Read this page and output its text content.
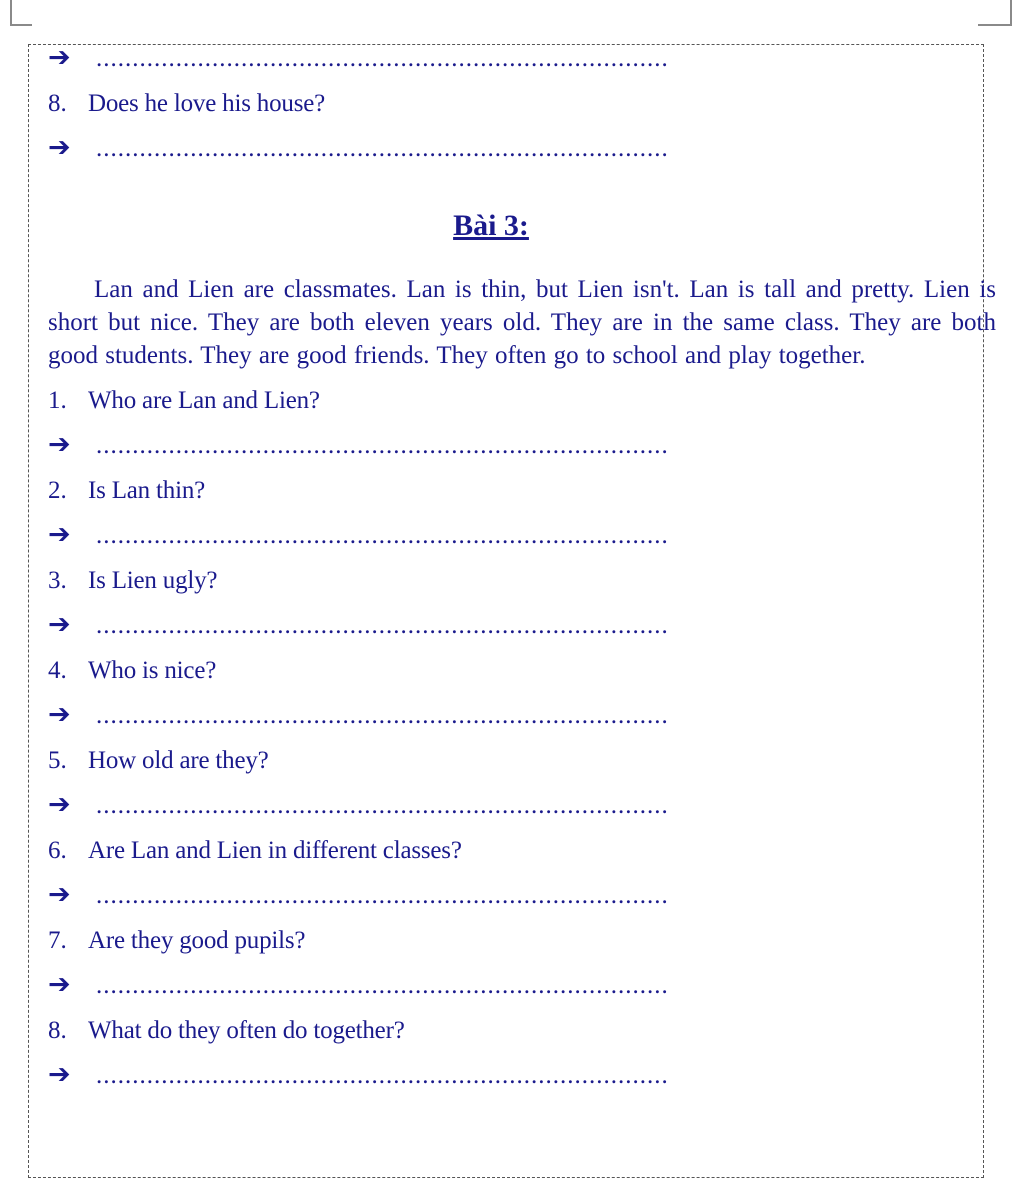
➔	...............................................................................
8. Does he love his house?
➔	...............................................................................
Bài 3:

Lan and Lien are classmates. Lan is thin, but Lien isn't. Lan is tall and pretty. Lien is short but nice. They are both eleven years old. They are in the same class. They are both good students. They are good friends. They often go to school and play together.

1. Who are Lan and Lien?
➔	...............................................................................
2. Is Lan thin?
➔	...............................................................................
3. Is Lien ugly?
➔	...............................................................................
4. Who is nice?
➔	...............................................................................
5. How old are they?
➔	...............................................................................
6. Are Lan and Lien in different classes?
➔	...............................................................................
7. Are they good pupils?
➔	...............................................................................
8. What do they often do together?
➔	...............................................................................
